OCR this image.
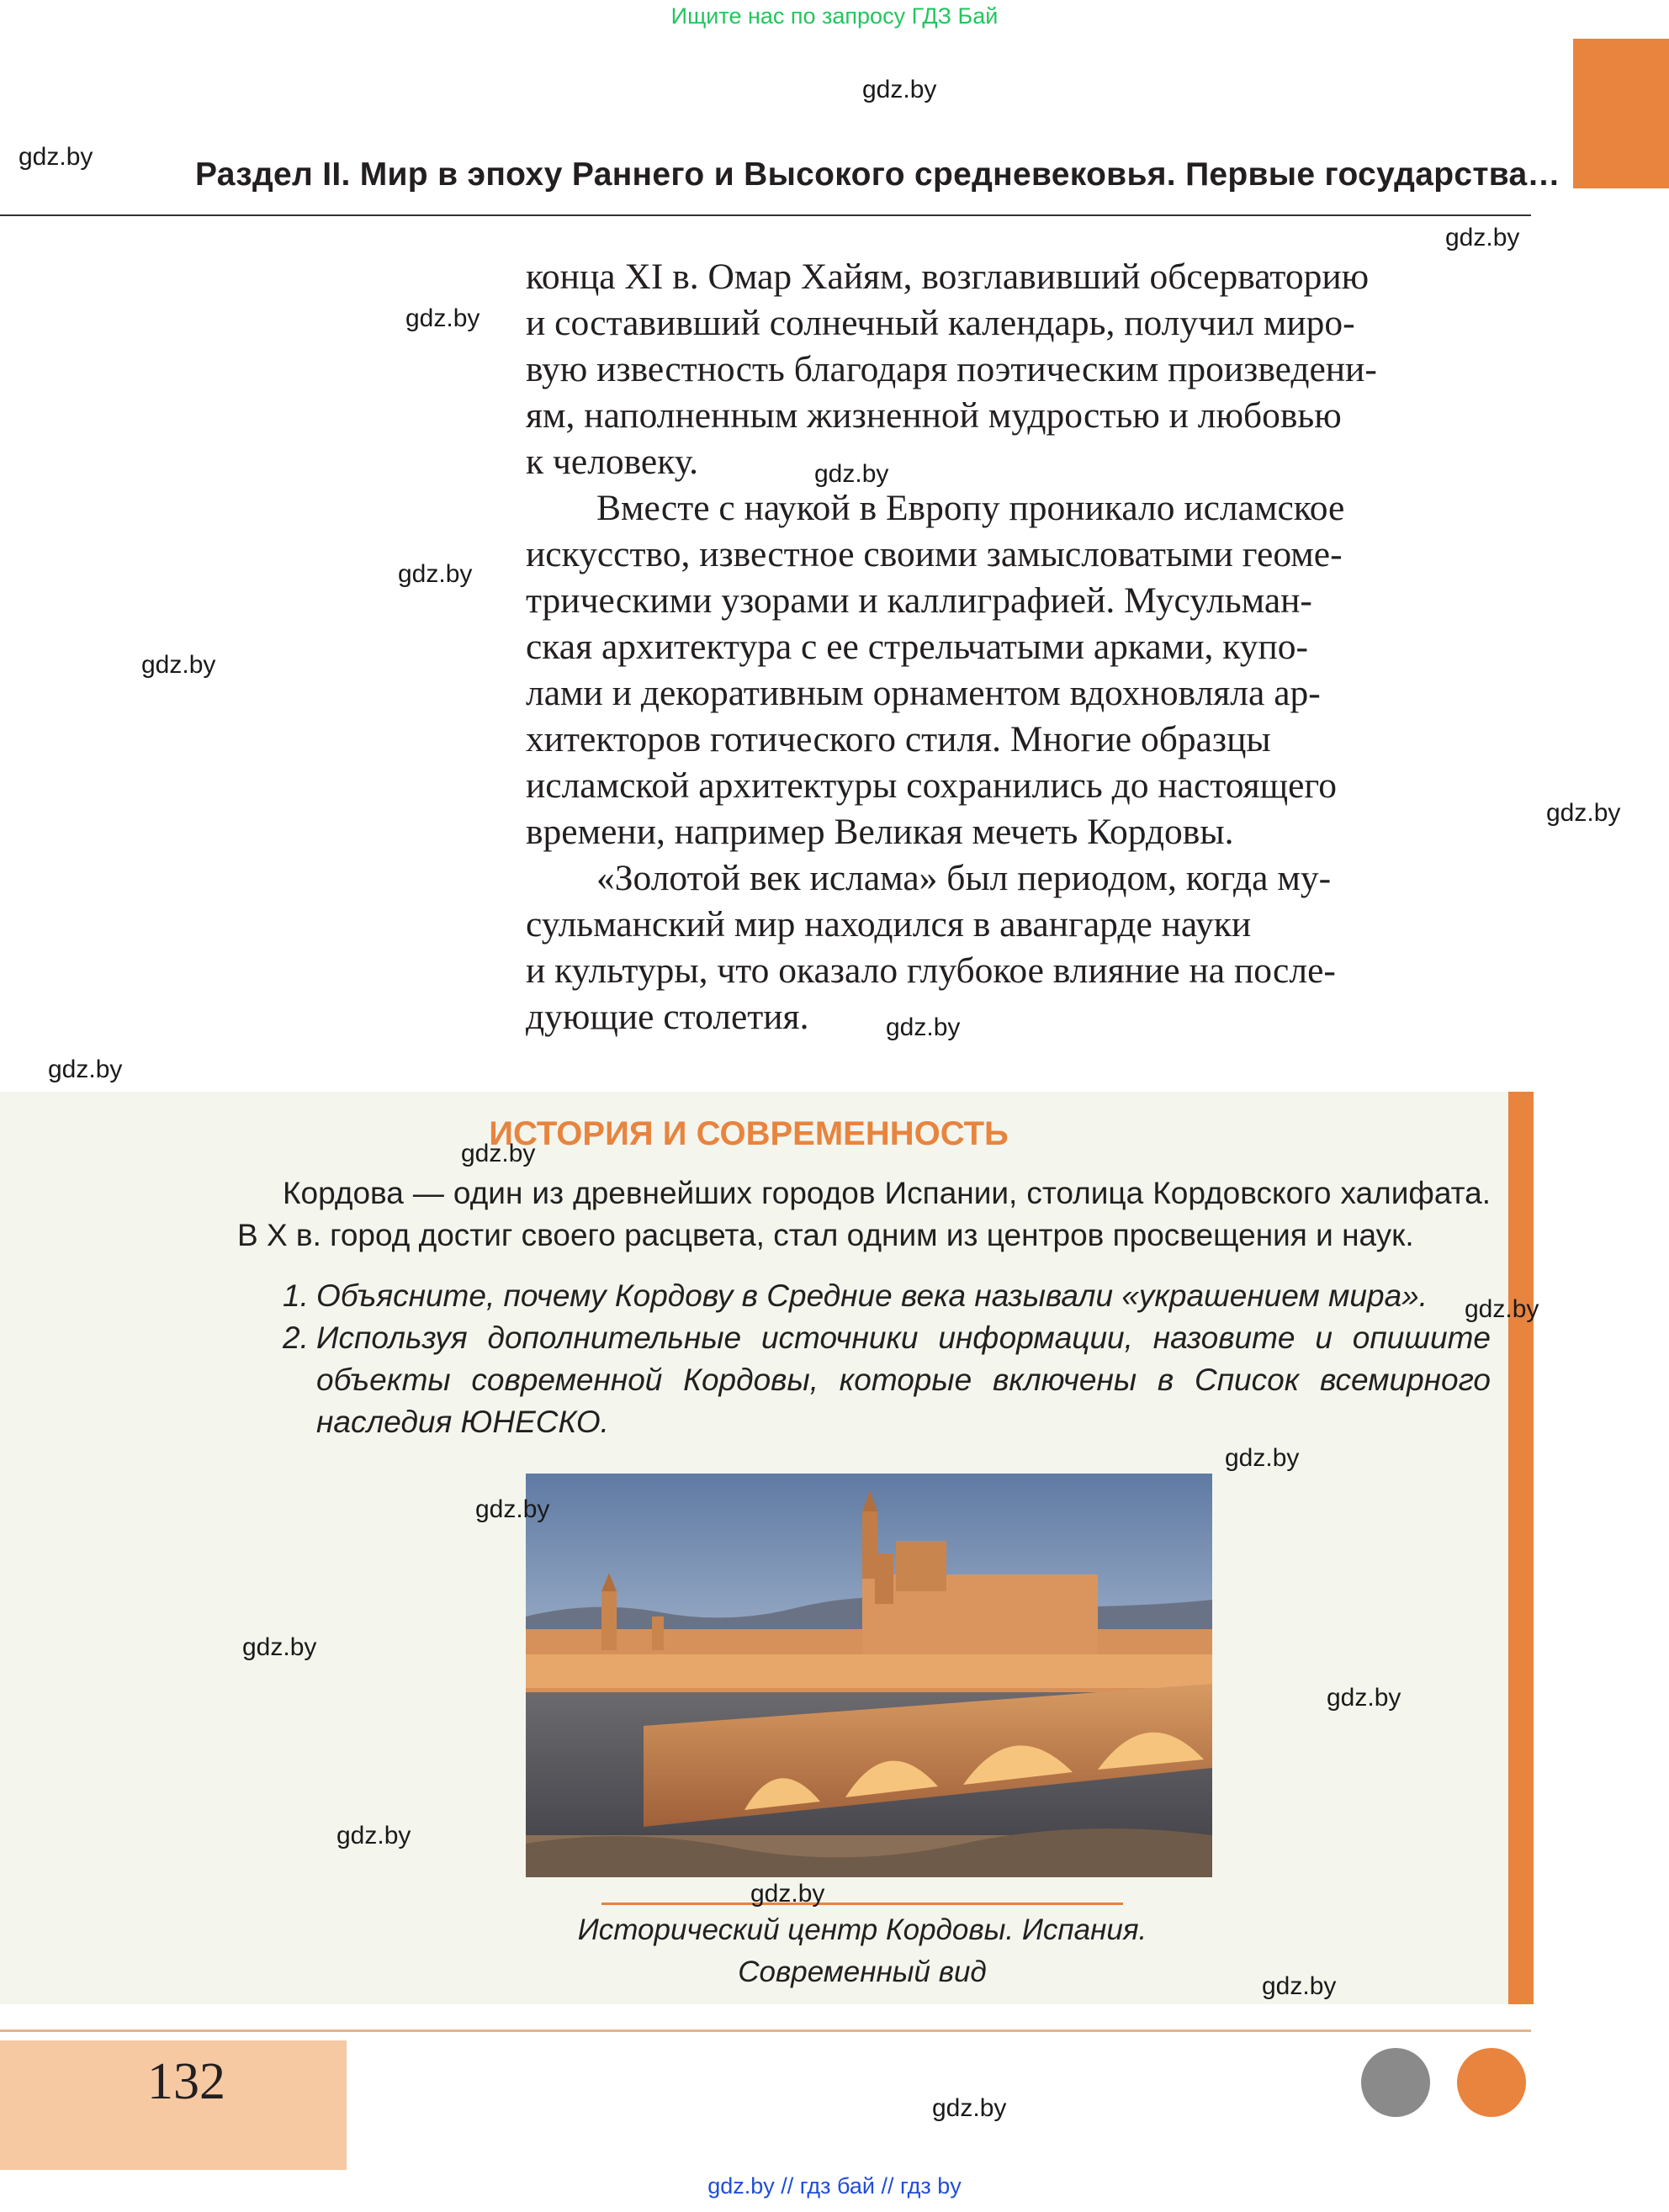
Ищите нас по запросу ГДЗ Бай
Раздел II. Мир в эпоху Раннего и Высокого средневековья. Первые государства…

конца XI в. Омар Хайям, возглавивший обсерваторию
и составивший солнечный календарь, получил миро-
вую известность благодаря поэтическим произведени-
ям, наполненным жизненной мудростью и любовью
к человеку.

Вместе с наукой в Европу проникало исламское
искусство, известное своими замысловатыми геоме-
трическими узорами и каллиграфией. Мусульман-
ская архитектура с ее стрельчатыми арками, купо-
лами и декоративным орнаментом вдохновляла ар-
хитекторов готического стиля. Многие образцы
исламской архитектуры сохранились до настоящего
времени, например Великая мечеть Кордовы.

«Золотой век ислама» был периодом, когда му-
сульманский мир находился в авангарде науки
и культуры, что оказало глубокое влияние на после-
дующие столетия.

ИСТОРИЯ И СОВРЕМЕННОСТЬ
Кордова — один из древнейших городов Испании, столица Кордовского халифата. В X в. город достиг своего расцвета, стал одним из центров просвещения и наук.
1. Объясните, почему Кордову в Средние века называли «украшением мира».
2. Используя дополнительные источники информации, назовите и опишите объекты современной Кордовы, которые включены в Список всемирного наследия ЮНЕСКО.
Исторический центр Кордовы. Испания.
Современный вид
132
gdz.by // гдз бай // гдз by
gdz.by
gdz.by
gdz.by
gdz.by
gdz.by
gdz.by
gdz.by
gdz.by
gdz.by
gdz.by
gdz.by
gdz.by
gdz.by
gdz.by
gdz.by
gdz.by
gdz.by
gdz.by
gdz.by
gdz.by
